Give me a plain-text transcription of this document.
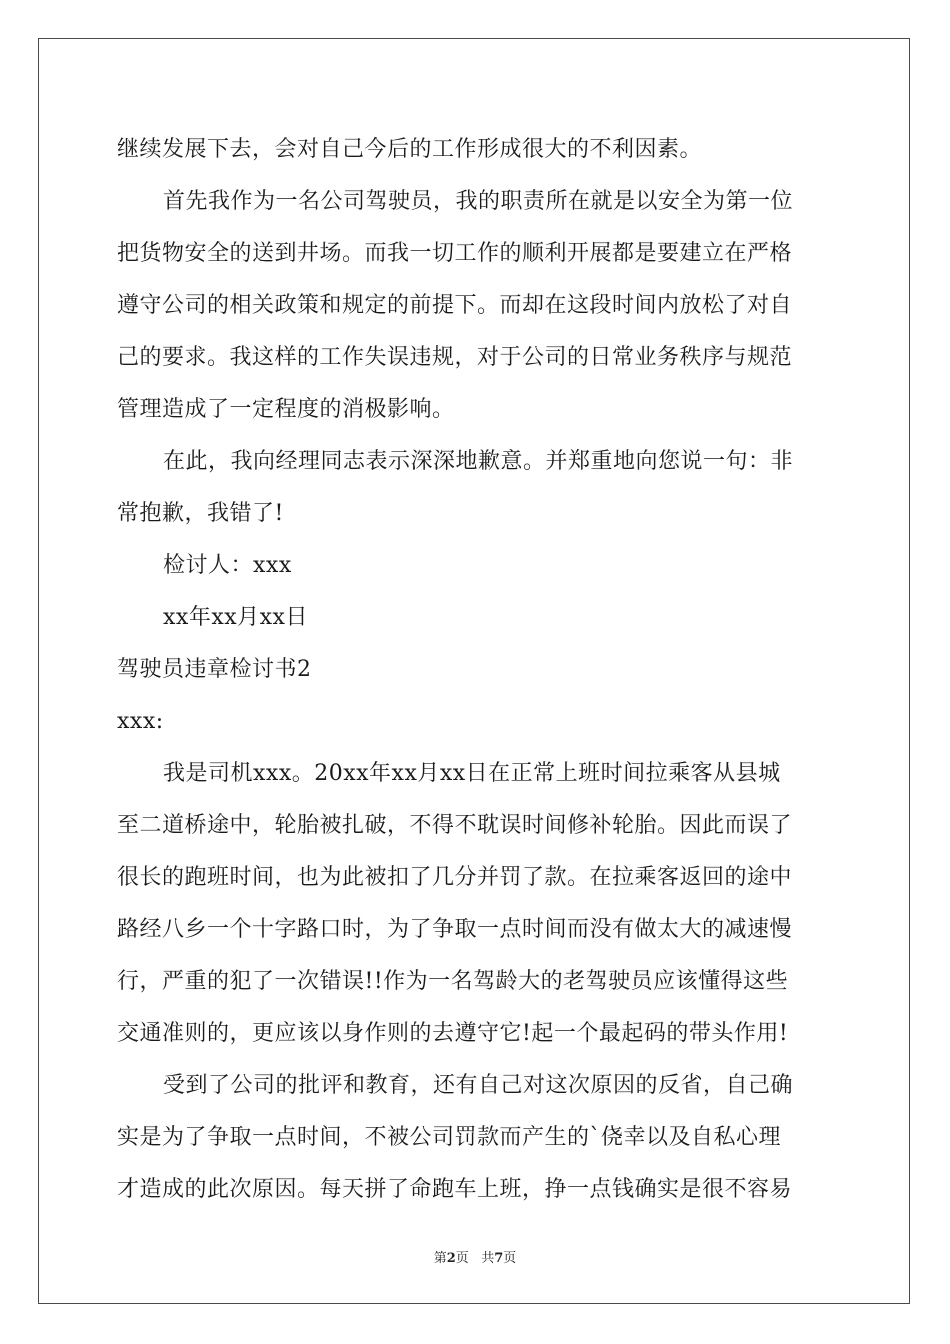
继续发展下去，会对自己今后的工作形成很大的不利因素。
首先我作为一名公司驾驶员，我的职责所在就是以安全为第一位
把货物安全的送到井场。而我一切工作的顺利开展都是要建立在严格
遵守公司的相关政策和规定的前提下。而却在这段时间内放松了对自
己的要求。我这样的工作失误违规，对于公司的日常业务秩序与规范
管理造成了一定程度的消极影响。
在此，我向经理同志表示深深地歉意。并郑重地向您说一句：非
常抱歉，我错了!
检讨人：xxx
xx年xx月xx日
驾驶员违章检讨书2
xxx:
我是司机xxx。20xx年xx月xx日在正常上班时间拉乘客从县城
至二道桥途中，轮胎被扎破，不得不耽误时间修补轮胎。因此而误了
很长的跑班时间，也为此被扣了几分并罚了款。在拉乘客返回的途中
路经八乡一个十字路口时，为了争取一点时间而没有做太大的减速慢
行，严重的犯了一次错误!!作为一名驾龄大的老驾驶员应该懂得这些
交通准则的，更应该以身作则的去遵守它!起一个最起码的带头作用!
受到了公司的批评和教育，还有自己对这次原因的反省，自己确
实是为了争取一点时间，不被公司罚款而产生的`侥幸以及自私心理
才造成的此次原因。每天拼了命跑车上班，挣一点钱确实是很不容易
第2页 共7页
